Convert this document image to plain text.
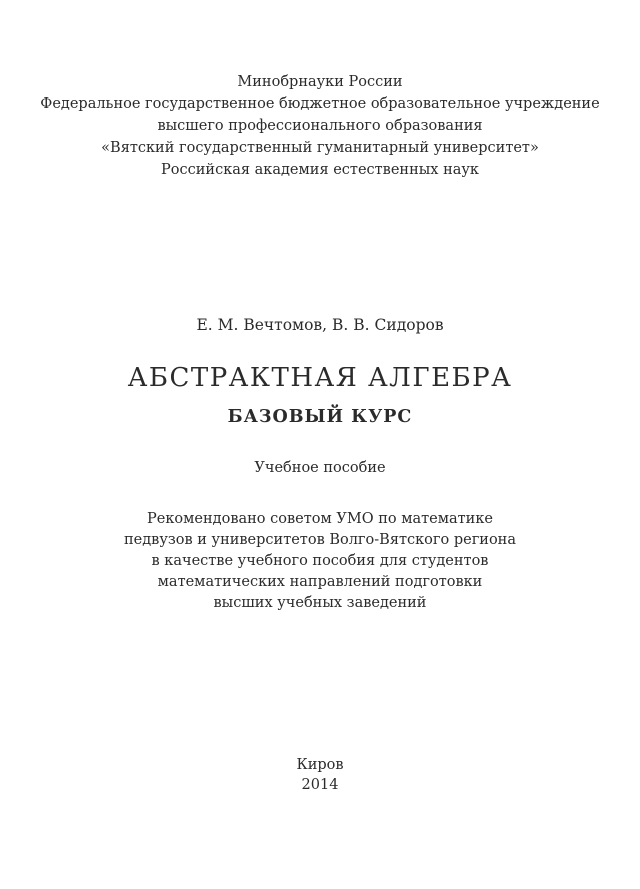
Минобрнауки России
Федеральное государственное бюджетное образовательное учреждение
высшего профессионального образования
«Вятский государственный гуманитарный университет»
Российская академия естественных наук
Е. М. Вечтомов, В. В. Сидоров
АБСТРАКТНАЯ АЛГЕБРА
БАЗОВЫЙ КУРС
Учебное пособие
Рекомендовано советом УМО по математике
педвузов и университетов Волго-Вятского региона
в качестве учебного пособия для студентов
математических направлений подготовки
высших учебных заведений
Киров
2014
